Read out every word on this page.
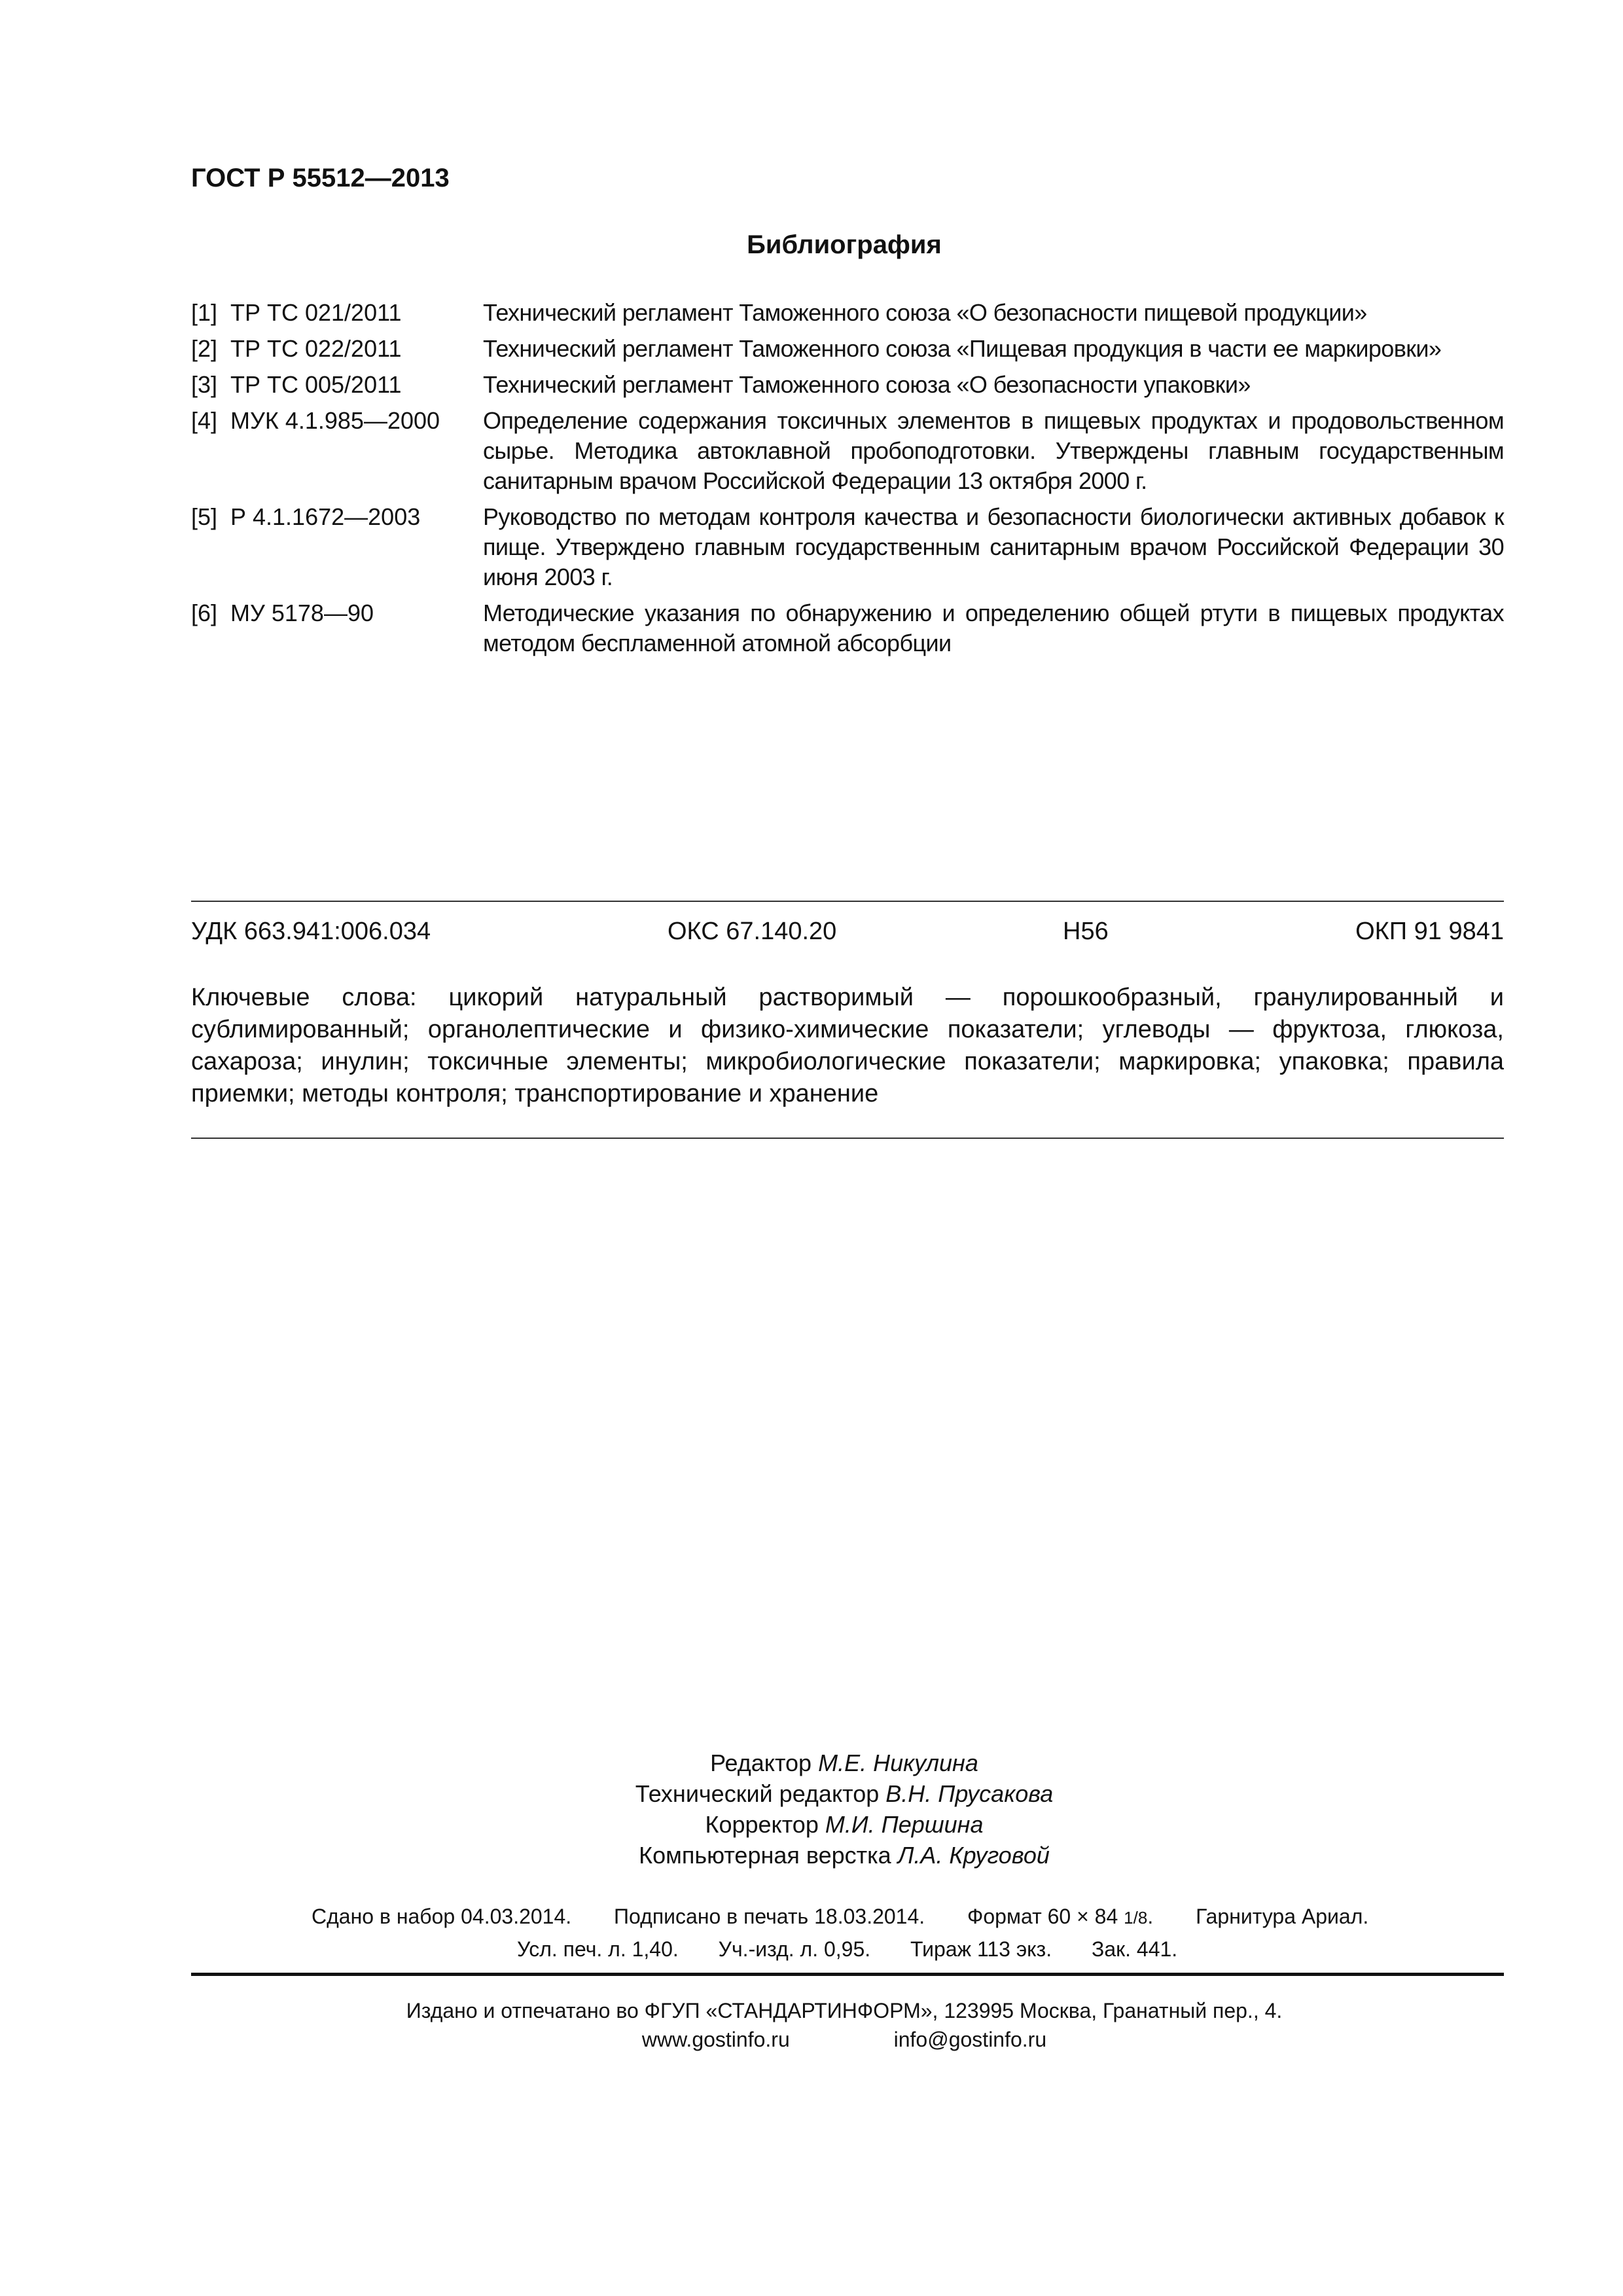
ГОСТ Р 55512—2013
Библиография
[1] ТР ТС 021/2011	Технический регламент Таможенного союза «О безопасности пищевой продукции»
[2] ТР ТС 022/2011	Технический регламент Таможенного союза «Пищевая продукция в части ее маркировки»
[3] ТР ТС 005/2011	Технический регламент Таможенного союза «О безопасности упаковки»
[4] МУК 4.1.985—2000	Определение содержания токсичных элементов в пищевых продуктах и продовольственном сырье. Методика автоклавной пробоподготовки. Утверждены главным государственным санитарным врачом Российской Федерации 13 октября 2000 г.
[5] Р 4.1.1672—2003	Руководство по методам контроля качества и безопасности биологически активных добавок к пище. Утверждено главным государственным санитарным врачом Российской Федерации 30 июня 2003 г.
[6] МУ 5178—90	Методические указания по обнаружению и определению общей ртути в пищевых продуктах методом беспламенной атомной абсорбции
УДК 663.941:006.034	ОКС 67.140.20	Н56	ОКП 91 9841
Ключевые слова: цикорий натуральный растворимый — порошкообразный, гранулированный и сублимированный; органолептические и физико-химические показатели; углеводы — фруктоза, глюкоза, сахароза; инулин; токсичные элементы; микробиологические показатели; маркировка; упаковка; правила приемки; методы контроля; транспортирование и хранение
Редактор М.Е. Никулина
Технический редактор В.Н. Прусакова
Корректор М.И. Першина
Компьютерная верстка Л.А. Круговой
Сдано в набор 04.03.2014. Подписано в печать 18.03.2014. Формат 60 × 84 1/8. Гарнитура Ариал.
Усл. печ. л. 1,40. Уч.-изд. л. 0,95. Тираж 113 экз. Зак. 441.
Издано и отпечатано во ФГУП «СТАНДАРТИНФОРМ», 123995 Москва, Гранатный пер., 4.
www.gostinfo.ru	info@gostinfo.ru
